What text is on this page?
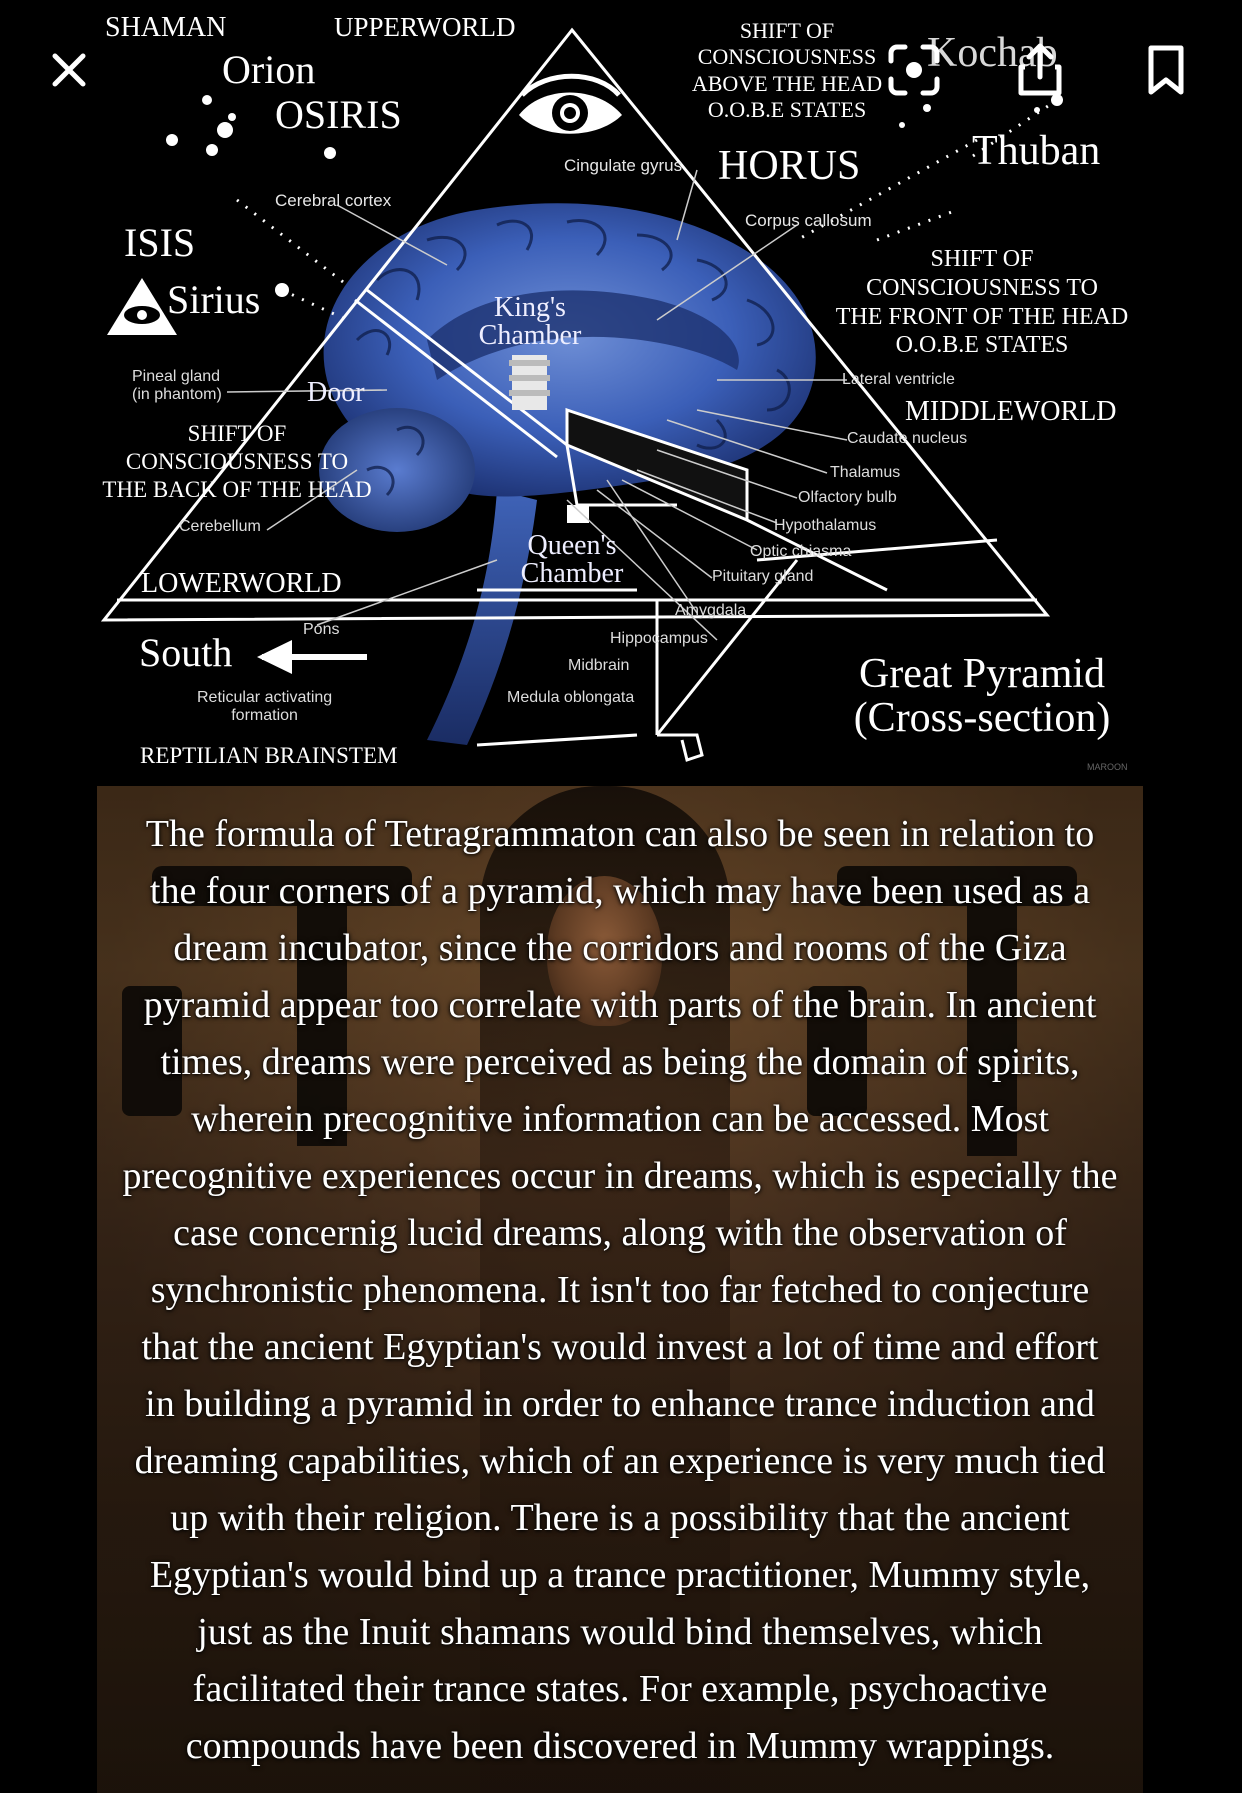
SHAMAN	UPPERWORLD
Orion
OSIRIS
ISIS
Sirius
Kochab
Thuban
HORUS
SHIFT OF
CONSCIOUSNESS
ABOVE THE HEAD
O.O.B.E STATES
SHIFT OF
CONSCIOUSNESS TO
THE FRONT OF THE HEAD
O.O.B.E STATES
SHIFT OF
CONSCIOUSNESS TO
THE BACK OF THE HEAD
MIDDLEWORLD
LOWERWORLD
South
REPTILIAN BRAINSTEM
Great Pyramid
(Cross-section)
King's
Chamber
Queen's
Chamber
Door
Cingulate gyrus
Cerebral cortex
Corpus callosum
Pineal gland
(in phantom)
Lateral ventricle
Caudate nucleus
Thalamus
Olfactory bulb
Hypothalamus
Optic chiasma
Pituitary gland
Amygdala
Hippocampus
Midbrain
Medula oblongata
Cerebellum
Pons
Reticular activating
formation
MAROON
The formula of Tetragrammaton can also be seen in relation to
the four corners of a pyramid, which may have been used as a
dream incubator, since the corridors and rooms of the Giza
pyramid appear too correlate with parts of the brain. In ancient
times, dreams were perceived as being the domain of spirits,
wherein precognitive information can be accessed. Most
precognitive experiences occur in dreams, which is especially the
case concernig lucid dreams, along with the observation of
synchronistic phenomena. It isn't too far fetched to conjecture
that the ancient Egyptian's would invest a lot of time and effort
in building a pyramid in order to enhance trance induction and
dreaming capabilities, which of an experience is very much tied
up with their religion. There is a possibility that the ancient
Egyptian's would bind up a trance practitioner, Mummy style,
just as the Inuit shamans would bind themselves, which
facilitated their trance states. For example, psychoactive
compounds have been discovered in Mummy wrappings.
